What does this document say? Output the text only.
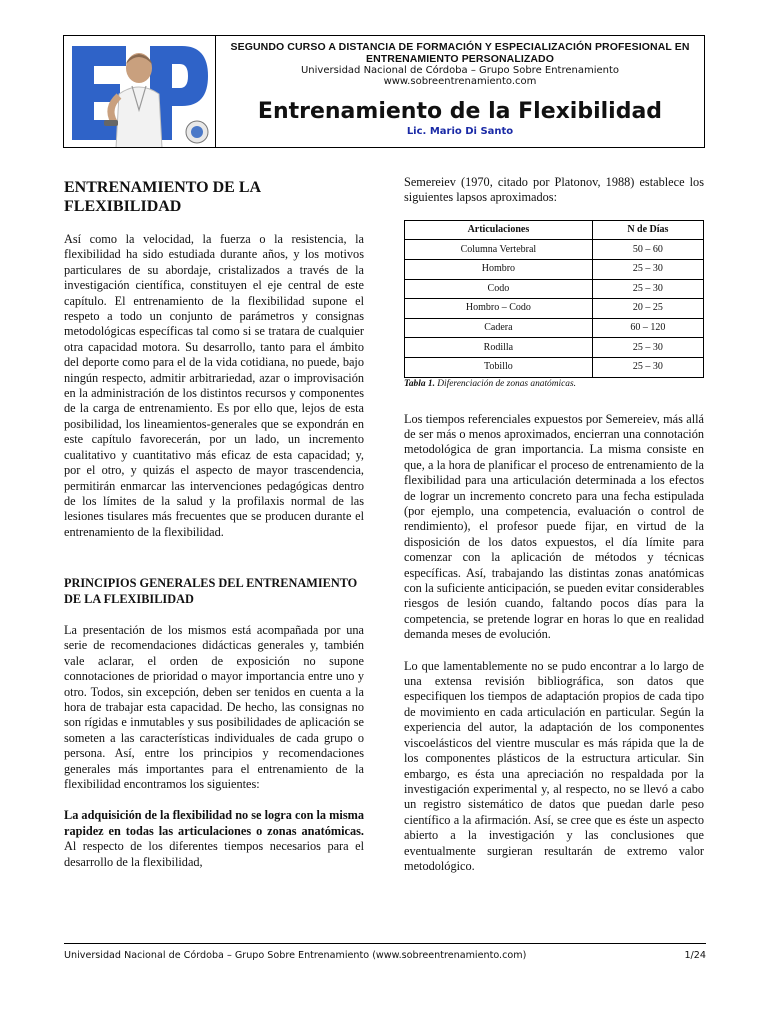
SEGUNDO CURSO A DISTANCIA DE FORMACIÓN Y ESPECIALIZACIÓN PROFESIONAL EN ENTRENAMIENTO PERSONALIZADO
Universidad Nacional de Córdoba – Grupo Sobre Entrenamiento
www.sobreentrenamiento.com
Entrenamiento de la Flexibilidad
Lic. Mario Di Santo
ENTRENAMIENTO DE LA FLEXIBILIDAD

Así como la velocidad, la fuerza o la resistencia, la flexibilidad ha sido estudiada durante años, y los motivos particulares de su abordaje, cristalizados a través de la investigación científica, constituyen el eje central de este capítulo. El entrenamiento de la flexibilidad supone el respeto a todo un conjunto de parámetros y consignas metodológicas específicas tal como si se tratara de cualquier otra capacidad motora. Su desarrollo, tanto para el ámbito del deporte como para el de la vida cotidiana, no puede, bajo ningún respecto, admitir arbitrariedad, azar o improvisación en la administración de los distintos recursos y componentes de la carga de entrenamiento. Es por ello que, lejos de esta posibilidad, los lineamientos-generales que se expondrán en este capítulo favorecerán, por un lado, un incremento cualitativo y cuantitativo más eficaz de esta capacidad; y, por el otro, y quizás el aspecto de mayor trascendencia, permitirán enmarcar las intervenciones pedagógicas dentro de los límites de la salud y la profilaxis normal de las lesiones tisulares más frecuentes que se producen durante el entrenamiento de la flexibilidad.

PRINCIPIOS GENERALES DEL ENTRENAMIENTO DE LA FLEXIBILIDAD

La presentación de los mismos está acompañada por una serie de recomendaciones didácticas generales y, también vale aclarar, el orden de exposición no supone connotaciones de prioridad o mayor importancia entre uno y otro. Todos, sin excepción, deben ser tenidos en cuenta a la hora de trabajar esta capacidad. De hecho, las consignas no son rígidas e inmutables y sus posibilidades de aplicación se someten a las características individuales de cada grupo o persona. Así, entre los principios y recomendaciones generales más importantes para el entrenamiento de la flexibilidad encontramos los siguientes:

La adquisición de la flexibilidad no se logra con la misma rapidez en todas las articulaciones o zonas anatómicas. Al respecto de los diferentes tiempos necesarios para el desarrollo de la flexibilidad,

Semereiev (1970, citado por Platonov, 1988) establece los siguientes lapsos aproximados:

Articulaciones	N de Días
Columna Vertebral	50 – 60
Hombro	25 – 30
Codo	25 – 30
Hombro – Codo	20 – 25
Cadera	60 – 120
Rodilla	25 – 30
Tobillo	25 – 30
Tabla 1. Diferenciación de zonas anatómicas.

Los tiempos referenciales expuestos por Semereiev, más allá de ser más o menos aproximados, encierran una connotación metodológica de gran importancia. La misma consiste en que, a la hora de planificar el proceso de entrenamiento de la flexibilidad para una articulación determinada a los efectos de lograr un incremento concreto para una fecha estipulada (por ejemplo, una competencia, evaluación o control de rendimiento), el profesor puede fijar, en virtud de la disposición de los datos expuestos, el día límite para comenzar con la aplicación de métodos y técnicas específicas. Así, trabajando las distintas zonas anatómicas con la suficiente anticipación, se pueden evitar considerables riesgos de lesión cuando, faltando pocos días para la competencia, se pretende lograr en horas lo que en realidad demanda meses de evolución.

Lo que lamentablemente no se pudo encontrar a lo largo de una extensa revisión bibliográfica, son datos que especifiquen los tiempos de adaptación propios de cada tipo de movimiento en cada articulación en particular. Según la experiencia del autor, la adaptación de los componentes viscoelásticos del vientre muscular es más rápida que la de los componentes plásticos de la estructura articular. Sin embargo, es ésta una apreciación no respaldada por la investigación experimental y, al respecto, no se llevó a cabo un registro sistemático de datos que puedan darle peso científico a la afirmación. Así, se cree que es éste un aspecto abierto a la investigación y las conclusiones que eventualmente surgieran resultarán de extremo valor metodológico.

Universidad Nacional de Córdoba – Grupo Sobre Entrenamiento (www.sobreentrenamiento.com)	1/24
